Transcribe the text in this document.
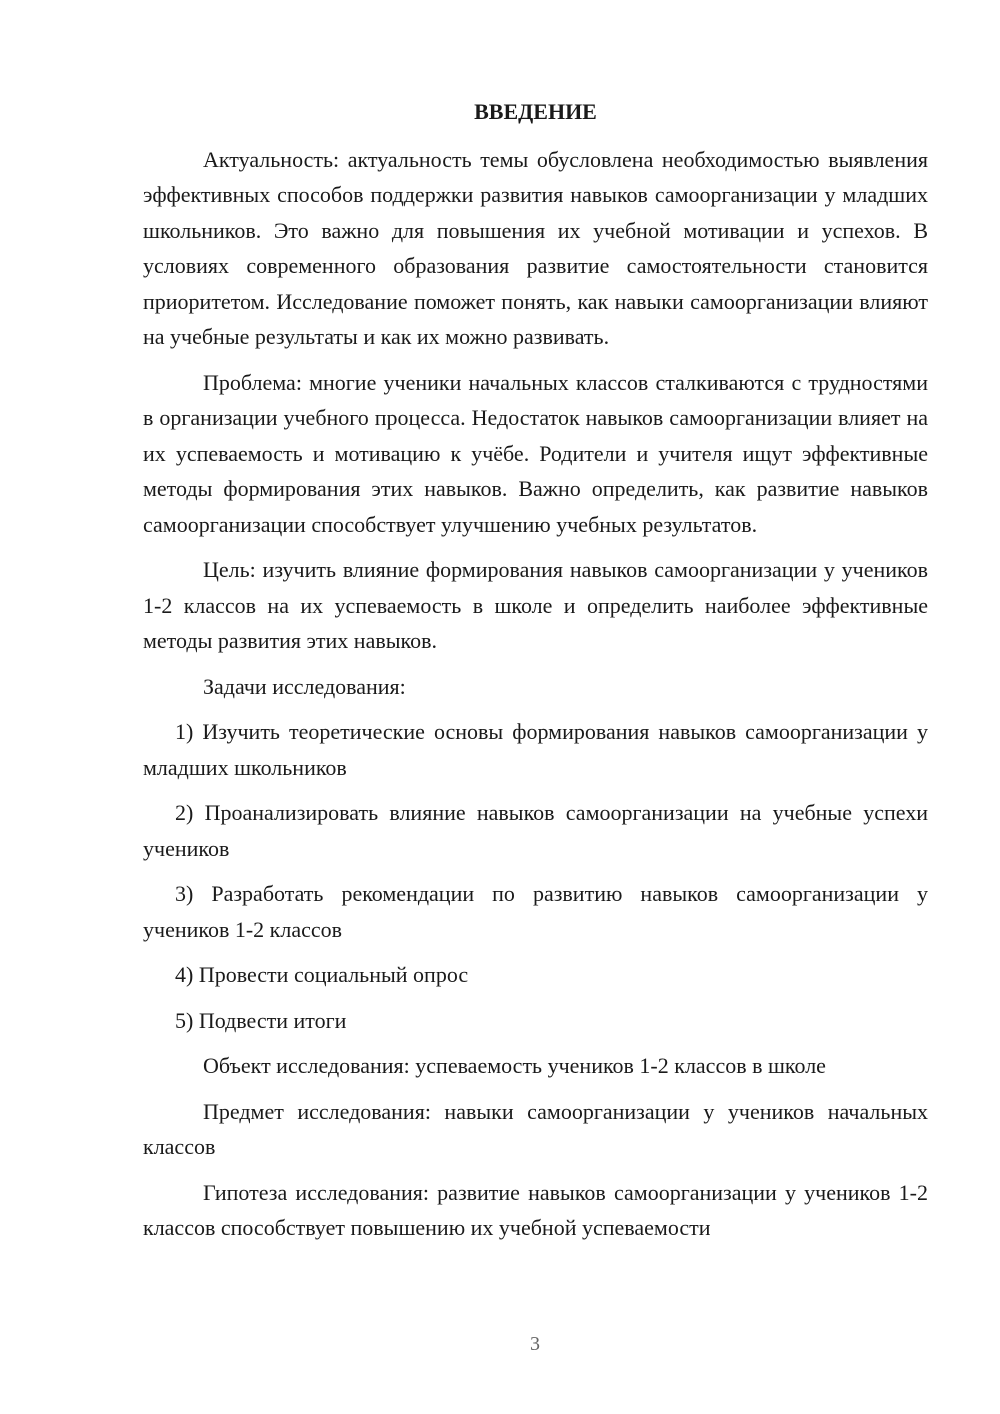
ВВЕДЕНИЕ

Актуальность: актуальность темы обусловлена необходимостью выявления эффективных способов поддержки развития навыков самоорганизации у младших школьников. Это важно для повышения их учебной мотивации и успехов. В условиях современного образования развитие самостоятельности становится приоритетом. Исследование поможет понять, как навыки самоорганизации влияют на учебные результаты и как их можно развивать.

Проблема: многие ученики начальных классов сталкиваются с трудностями в организации учебного процесса. Недостаток навыков самоорганизации влияет на их успеваемость и мотивацию к учёбе. Родители и учителя ищут эффективные методы формирования этих навыков. Важно определить, как развитие навыков самоорганизации способствует улучшению учебных результатов.

Цель: изучить влияние формирования навыков самоорганизации у учеников 1-2 классов на их успеваемость в школе и определить наиболее эффективные методы развития этих навыков.

Задачи исследования:

1) Изучить теоретические основы формирования навыков самоорганизации у младших школьников

2) Проанализировать влияние навыков самоорганизации на учебные успехи учеников

3) Разработать рекомендации по развитию навыков самоорганизации у учеников 1-2 классов

4) Провести социальный опрос

5) Подвести итоги

Объект исследования: успеваемость учеников 1-2 классов в школе

Предмет исследования: навыки самоорганизации у учеников начальных классов

Гипотеза исследования: развитие навыков самоорганизации у учеников 1-2 классов способствует повышению их учебной успеваемости

3
